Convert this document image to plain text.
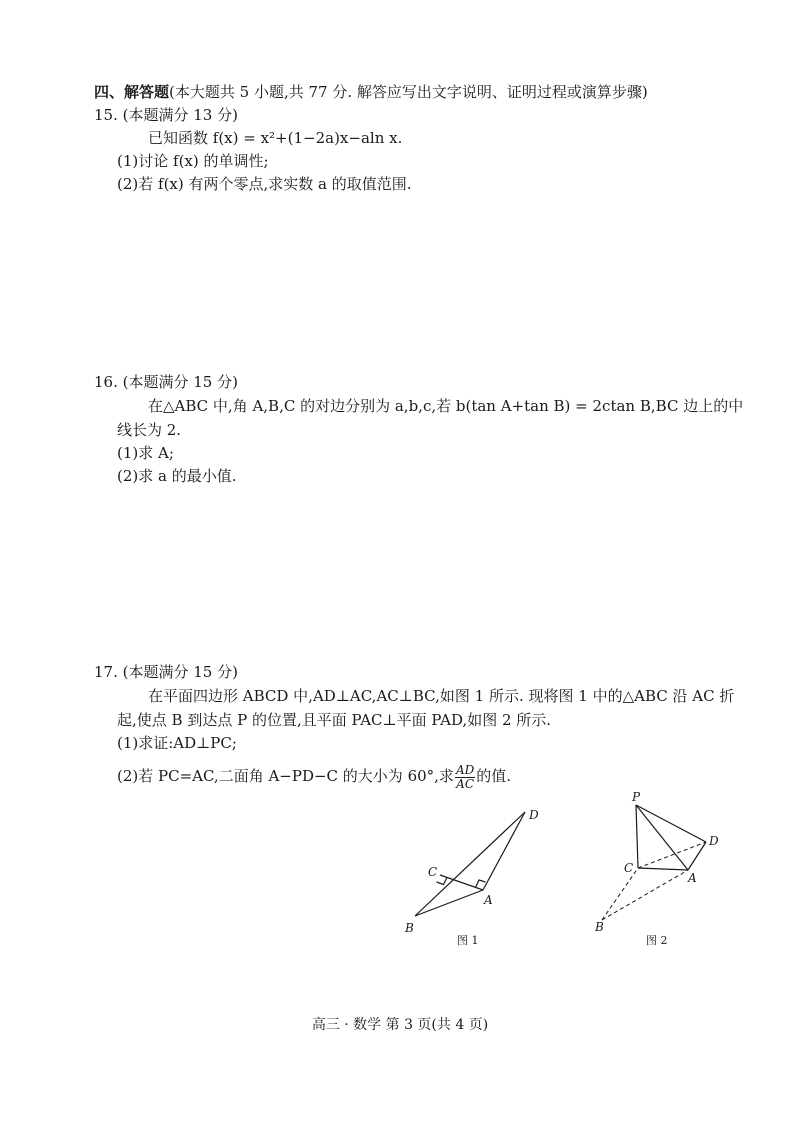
四、解答题(本大题共 5 小题,共 77 分. 解答应写出文字说明、证明过程或演算步骤)
15. (本题满分 13 分)
已知函数 f(x) = x²+(1−2a)x−aln x.
(1)讨论 f(x) 的单调性;
(2)若 f(x) 有两个零点,求实数 a 的取值范围.
16. (本题满分 15 分)
在△ABC 中,角 A,B,C 的对边分别为 a,b,c,若 b(tan A+tan B) = 2ctan B,BC 边上的中
线长为 2.
(1)求 A;
(2)求 a 的最小值.
17. (本题满分 15 分)
在平面四边形 ABCD 中,AD⊥AC,AC⊥BC,如图 1 所示. 现将图 1 中的△ABC 沿 AC 折
起,使点 B 到达点 P 的位置,且平面 PAC⊥平面 PAD,如图 2 所示.
(1)求证:AD⊥PC;
(2)若 PC=AC,二面角 A−PD−C 的大小为 60°,求 $\frac{AD}{AC}$ 的值.
D
C
A
B
图 1
P
D
C
A
B
图 2
高三 · 数学 第 3 页(共 4 页)
